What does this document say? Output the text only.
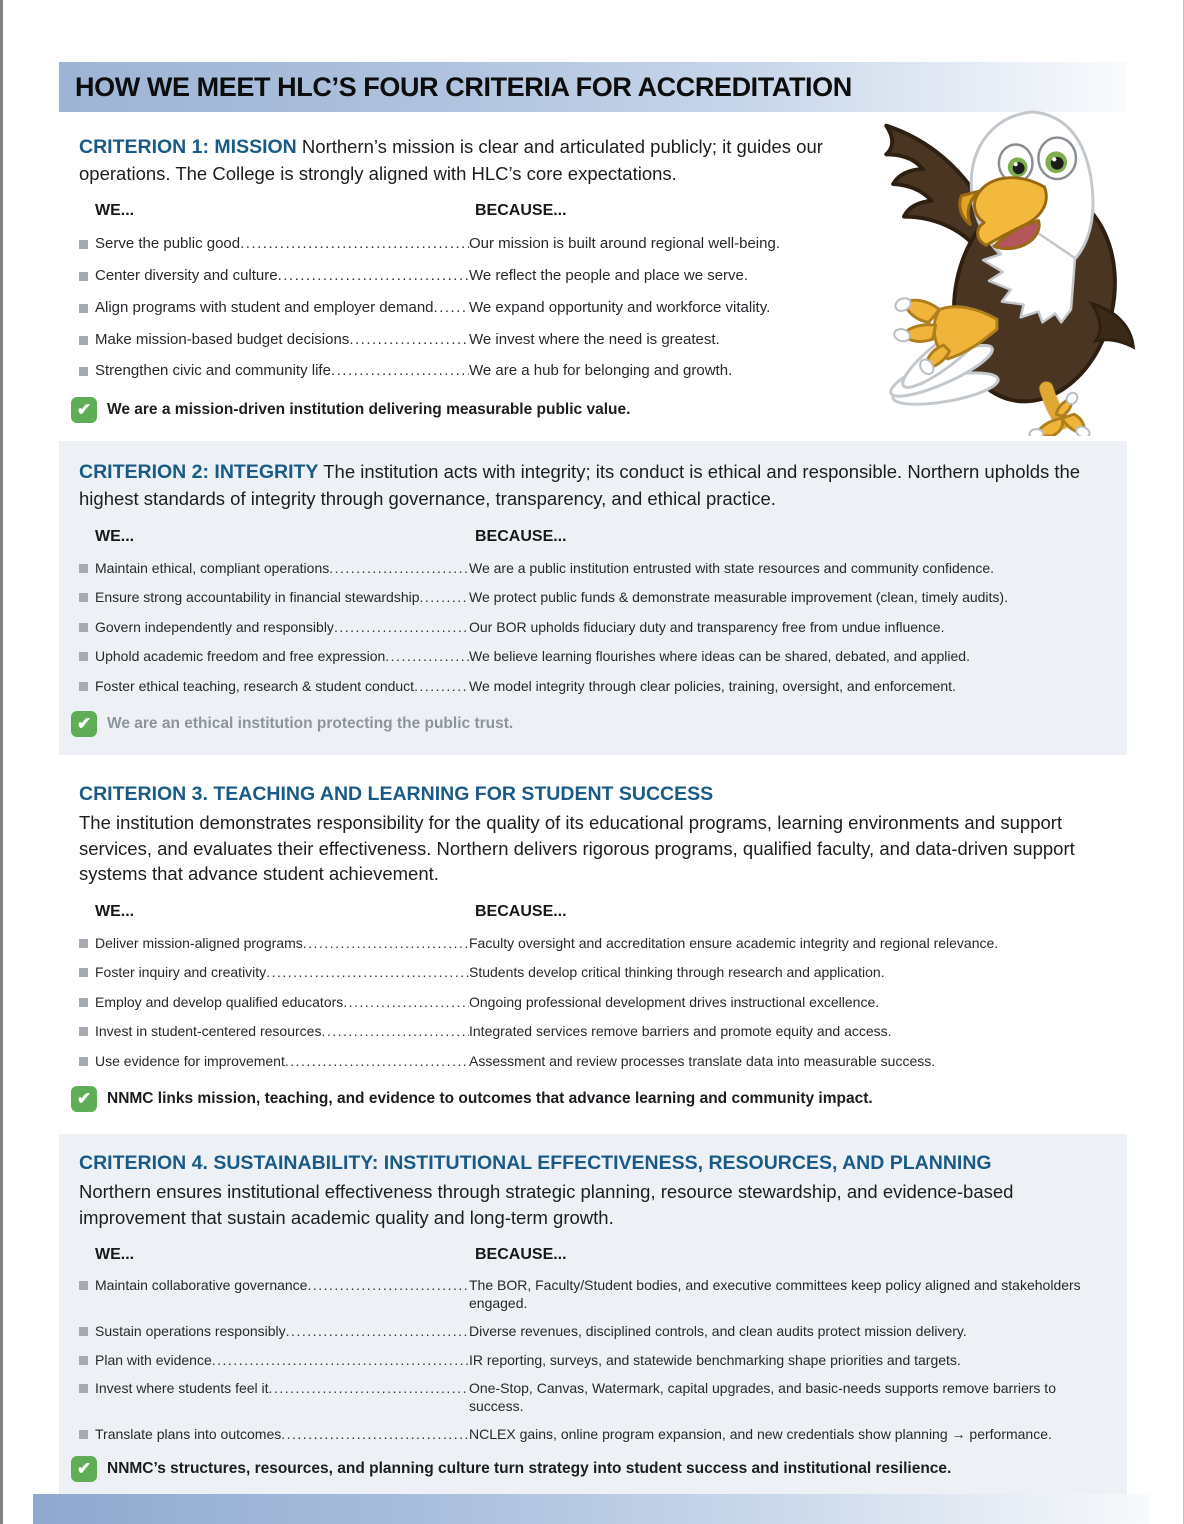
HOW WE MEET HLC’S FOUR CRITERIA FOR ACCREDITATION

CRITERION 1: MISSION Northern’s mission is clear and articulated publicly; it guides our operations. The College is strongly aligned with HLC’s core expectations.

WE...	BECAUSE...
Serve the public good .....	Our mission is built around regional well-being.
Center diversity and culture .....	We reflect the people and place we serve.
Align programs with student and employer demand ..... We expand opportunity and workforce vitality.
Make mission-based budget decisions .....	We invest where the need is greatest.
Strengthen civic and community life .....	We are a hub for belonging and growth.
✔
We are a mission-driven institution delivering measurable public value.

CRITERION 2: INTEGRITY The institution acts with integrity; its conduct is ethical and responsible. Northern upholds the highest standards of integrity through governance, transparency, and ethical practice.

WE...	BECAUSE...
Maintain ethical, compliant operations .....	We are a public institution entrusted with state resources and community confidence.
Ensure strong accountability in financial stewardship .....	We protect public funds & demonstrate measurable improvement (clean, timely audits).
Govern independently and responsibly .....	Our BOR upholds fiduciary duty and transparency free from undue influence.
Uphold academic freedom and free expression .....	We believe learning flourishes where ideas can be shared, debated, and applied.
Foster ethical teaching, research & student conduct .....	We model integrity through clear policies, training, oversight, and enforcement.
✔
We are an ethical institution protecting the public trust.
CRITERION 3. TEACHING AND LEARNING FOR STUDENT SUCCESS

The institution demonstrates responsibility for the quality of its educational programs, learning environments and support services, and evaluates their effectiveness. Northern delivers rigorous programs, qualified faculty, and data-driven support systems that advance student achievement.

WE...	BECAUSE...
Deliver mission-aligned programs .....	Faculty oversight and accreditation ensure academic integrity and regional relevance.
Foster inquiry and creativity .....	Students develop critical thinking through research and application.
Employ and develop qualified educators .....	Ongoing professional development drives instructional excellence.
Invest in student-centered resources .....	Integrated services remove barriers and promote equity and access.
Use evidence for improvement .....	Assessment and review processes translate data into measurable success.
✔
NNMC links mission, teaching, and evidence to outcomes that advance learning and community impact.
CRITERION 4. SUSTAINABILITY: INSTITUTIONAL EFFECTIVENESS, RESOURCES, AND PLANNING

Northern ensures institutional effectiveness through strategic planning, resource stewardship, and evidence-based improvement that sustain academic quality and long-term growth.

WE...	BECAUSE...
Maintain collaborative governance .....	The BOR, Faculty/Student bodies, and executive committees keep policy aligned and stakeholders engaged.
Sustain operations responsibly .....	Diverse revenues, disciplined controls, and clean audits protect mission delivery.
Plan with evidence .....	IR reporting, surveys, and statewide benchmarking shape priorities and targets.
Invest where students feel it .....	One-Stop, Canvas, Watermark, capital upgrades, and basic-needs supports remove barriers to success.
Translate plans into outcomes .....	NCLEX gains, online program expansion, and new credentials show planning → performance.
✔
NNMC’s structures, resources, and planning culture turn strategy into student success and institutional resilience.
